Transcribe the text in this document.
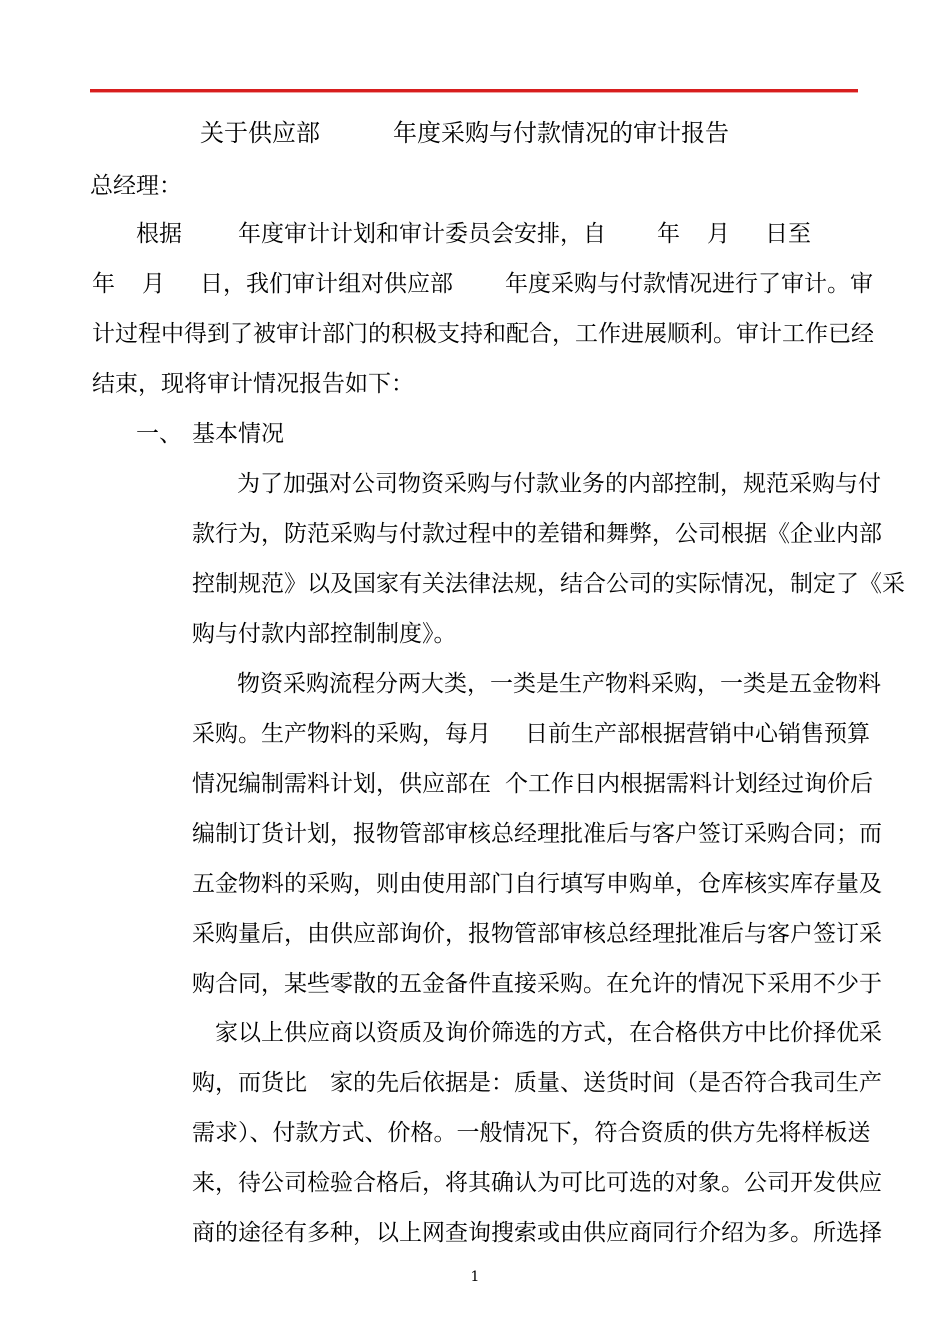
关于供应部	年度采购与付款情况的审计报告
总经理：
根据 年度审计计划和审计委员会安排，自 年 月 日至
年 月 日，我们审计组对供应部 年度采购与付款情况进行了审计。审
计过程中得到了被审计部门的积极支持和配合，工作进展顺利。审计工作已经
结束，现将审计情况报告如下：
一、 基本情况
为了加强对公司物资采购与付款业务的内部控制，规范采购与付
款行为，防范采购与付款过程中的差错和舞弊，公司根据《企业内部
控制规范》以及国家有关法律法规，结合公司的实际情况，制定了《采
购与付款内部控制制度》。
物资采购流程分两大类，一类是生产物料采购，一类是五金物料
采购。生产物料的采购，每月 日前生产部根据营销中心销售预算
情况编制需料计划，供应部在 个工作日内根据需料计划经过询价后
编制订货计划，报物管部审核总经理批准后与客户签订采购合同；而
五金物料的采购，则由使用部门自行填写申购单，仓库核实库存量及
采购量后，由供应部询价，报物管部审核总经理批准后与客户签订采
购合同，某些零散的五金备件直接采购。在允许的情况下采用不少于
家以上供应商以资质及询价筛选的方式，在合格供方中比价择优采
购，而货比 家的先后依据是：质量、送货时间（是否符合我司生产
需求）、付款方式、价格。一般情况下，符合资质的供方先将样板送
来，待公司检验合格后，将其确认为可比可选的对象。公司开发供应
商的途径有多种，以上网查询搜索或由供应商同行介绍为多。所选择
1
